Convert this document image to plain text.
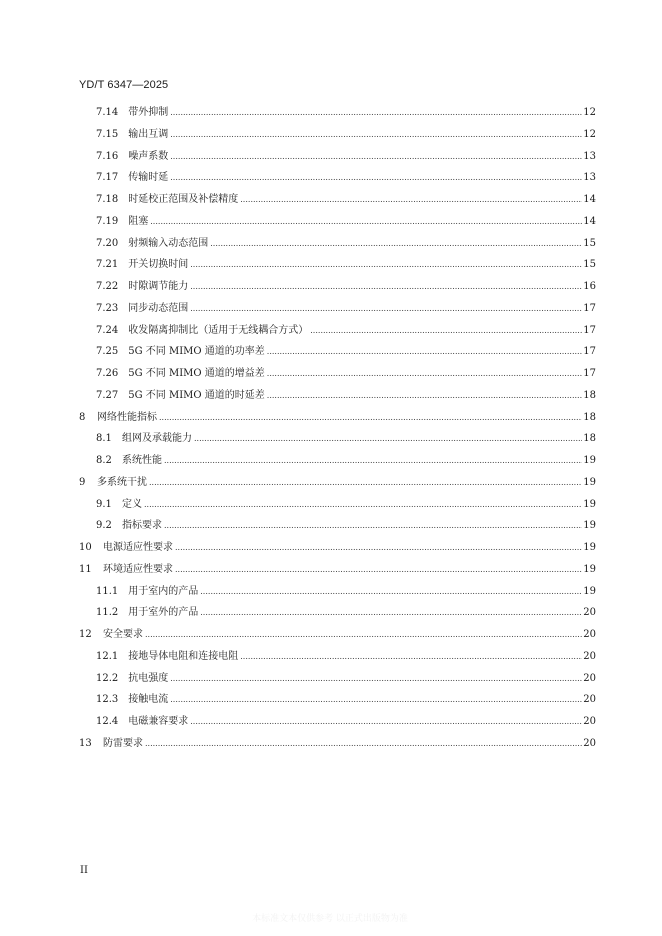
YD/T 6347—2025
7.14	带外抑制 .....	12
7.15	输出互调 .....	12
7.16	噪声系数 .....	13
7.17	传输时延 .....	13
7.18	时延校正范围及补偿精度 .....	14
7.19	阻塞 .....	14
7.20	射频输入动态范围 .....	15
7.21	开关切换时间 .....	15
7.22	时隙调节能力 .....	16
7.23	同步动态范围 .....	17
7.24	收发隔离抑制比（适用于无线耦合方式） .....	17
7.25	5G 不同 MIMO 通道的功率差 .....	17
7.26	5G 不同 MIMO 通道的增益差 .....	17
7.27	5G 不同 MIMO 通道的时延差 .....	18
8	网络性能指标 .....	18
8.1	组网及承载能力 .....	18
8.2	系统性能 .....	19
9	多系统干扰 .....	19
9.1	定义 .....	19
9.2	指标要求 .....	19
10	电源适应性要求 .....	19
11	环境适应性要求 .....	19
11.1	用于室内的产品 .....	19
11.2	用于室外的产品 .....	20
12	安全要求 .....	20
12.1	接地导体电阻和连接电阻 .....	20
12.2	抗电强度 .....	20
12.3	接触电流 .....	20
12.4	电磁兼容要求 .....	20
13	防雷要求 .....	20
II
本标准文本仅供参考 以正式出版物为准
